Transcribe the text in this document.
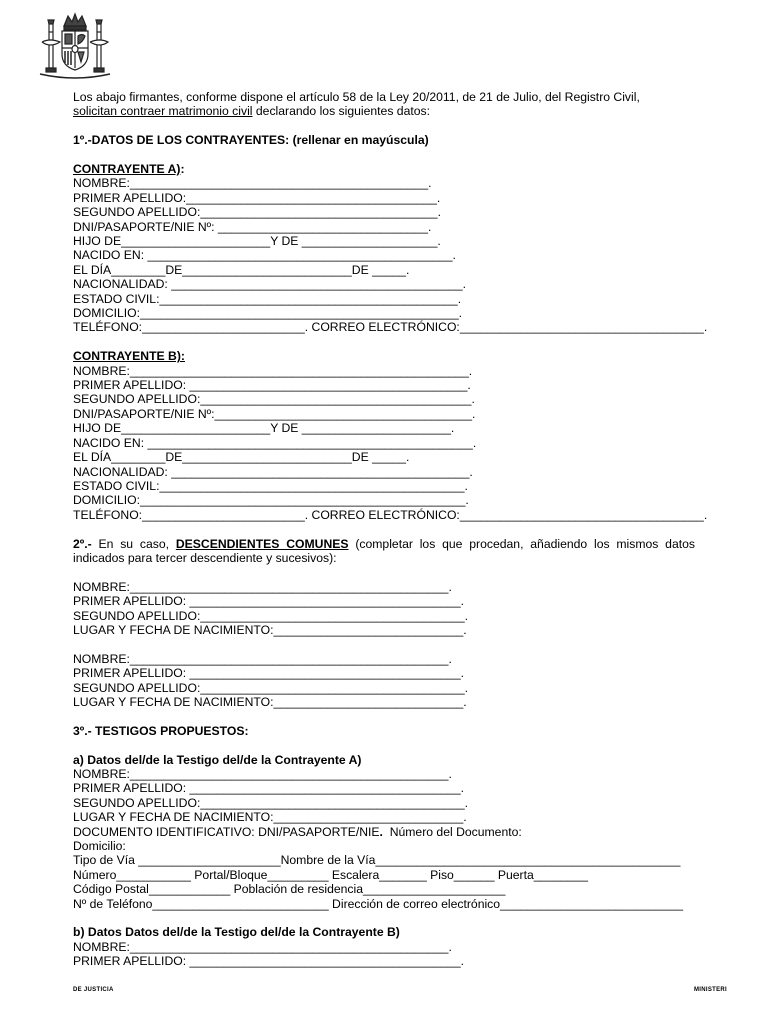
Los abajo firmantes, conforme dispone el artículo 58 de la Ley 20/2011, de 21 de Julio, del Registro Civil,
solicitan contraer matrimonio civil declarando los siguientes datos:
1º.-DATOS DE LOS CONTRAYENTES: (rellenar en mayúscula)
CONTRAYENTE A):
NOMBRE:____________________________________________.
PRIMER APELLIDO:_____________________________________.
SEGUNDO APELLIDO:___________________________________.
DNI/PASAPORTE/NIE Nº: _______________________________.
HIJO DE______________________Y DE ____________________.
NACIDO EN: _____________________________________________.
EL DÍA________DE_________________________DE _____.
NACIONALIDAD: ___________________________________________.
ESTADO CIVIL:____________________________________________.
DOMICILIO:_______________________________________________.
TELÉFONO:________________________. CORREO ELECTRÓNICO:____________________________________.
CONTRAYENTE B):
NOMBRE:__________________________________________________.
PRIMER APELLIDO: _________________________________________.
SEGUNDO APELLIDO:________________________________________.
DNI/PASAPORTE/NIE Nº:______________________________________.
HIJO DE______________________Y DE ______________________.
NACIDO EN: ________________________________________________.
EL DÍA________DE_________________________DE _____.
NACIONALIDAD: ____________________________________________.
ESTADO CIVIL:_____________________________________________.
DOMICILIO:________________________________________________.
TELÉFONO:________________________. CORREO ELECTRÓNICO:____________________________________.
2º.- En su caso, DESCENDIENTES COMUNES (completar los que procedan, añadiendo los mismos datos indicados para tercer descendiente y sucesivos):
NOMBRE:_______________________________________________.
PRIMER APELLIDO: ________________________________________.
SEGUNDO APELLIDO:_______________________________________.
LUGAR Y FECHA DE NACIMIENTO:____________________________.
NOMBRE:_______________________________________________.
PRIMER APELLIDO: ________________________________________.
SEGUNDO APELLIDO:_______________________________________.
LUGAR Y FECHA DE NACIMIENTO:____________________________.
3º.- TESTIGOS PROPUESTOS:
a) Datos del/de la Testigo del/de la Contrayente A)
NOMBRE:_______________________________________________.
PRIMER APELLIDO: ________________________________________.
SEGUNDO APELLIDO:_______________________________________.
LUGAR Y FECHA DE NACIMIENTO:____________________________.
DOCUMENTO IDENTIFICATIVO: DNI/PASAPORTE/NIE.  Número del Documento:
Domicilio:
Tipo de Vía _____________________Nombre de la Vía_____________________________________________
Número___________ Portal/Bloque_________ Escalera_______ Piso______ Puerta________
Código Postal____________ Población de residencia_____________________
Nº de Teléfono__________________________ Dirección de correo electrónico___________________________
b) Datos Datos del/de la Testigo del/de la Contrayente B)
NOMBRE:_______________________________________________.
PRIMER APELLIDO: ________________________________________.
DE JUSTICIA	MINISTERI
